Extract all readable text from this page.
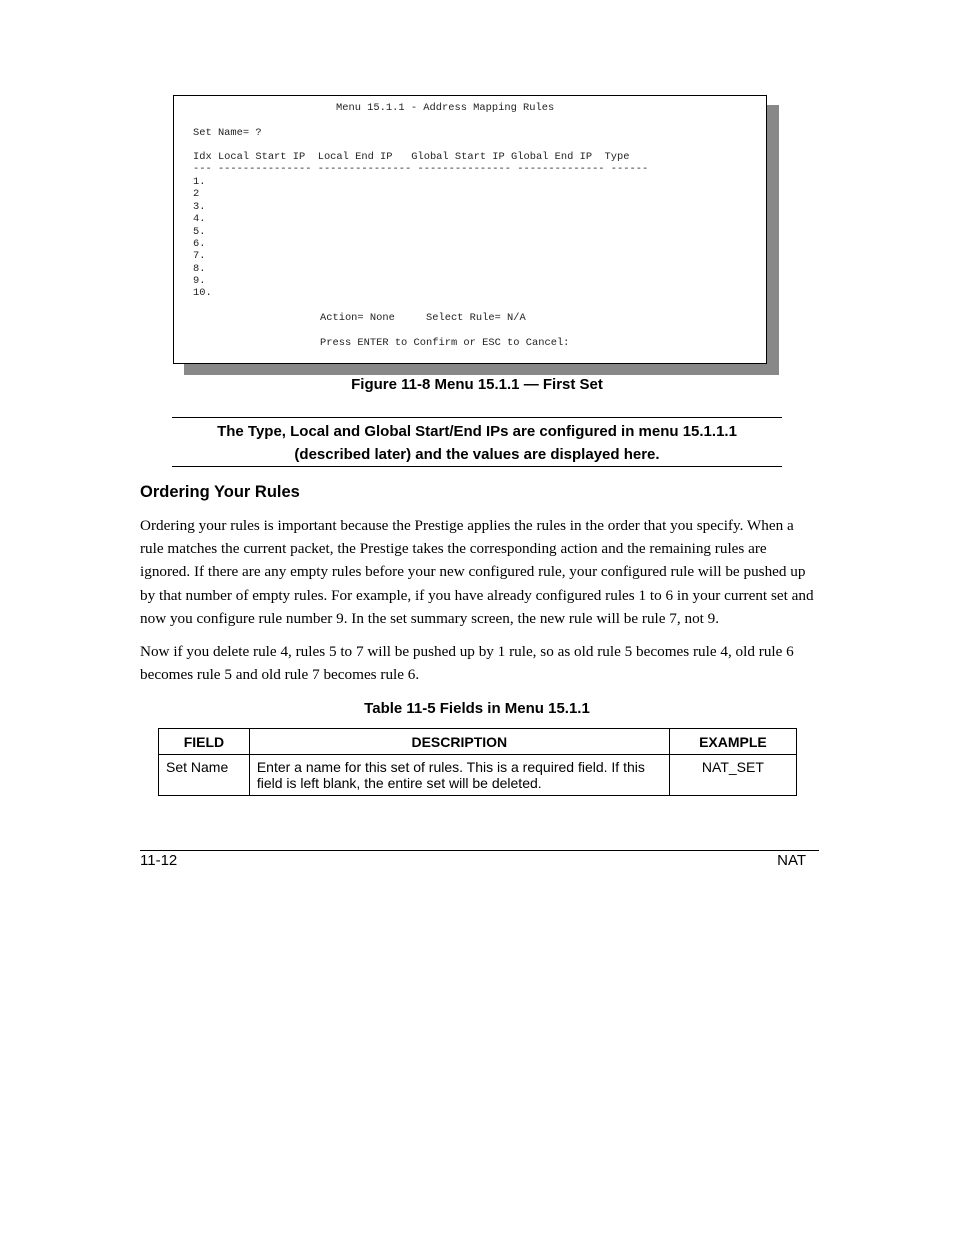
Menu 15.1.1 - Address Mapping Rules

Set Name= ?

Idx Local Start IP  Local End IP   Global Start IP Global End IP  Type

--- --------------- --------------- --------------- -------------- ------

1.

2

3.

4.

5.

6.

7.

8.

9.

10.

Action= None     Select Rule= N/A

Press ENTER to Confirm or ESC to Cancel:

Figure 11-8 Menu 15.1.1 — First Set
The Type, Local and Global Start/End IPs are configured in menu 15.1.1.1
(described later) and the values are displayed here.
Ordering Your Rules
Ordering your rules is important because the Prestige applies the rules in the order that you specify. When a rule matches the current packet, the Prestige takes the corresponding action and the remaining rules are ignored. If there are any empty rules before your new configured rule, your configured rule will be pushed up by that number of empty rules. For example, if you have already configured rules 1 to 6 in your current set and now you configure rule number 9. In the set summary screen, the new rule will be rule 7, not 9.
Now if you delete rule 4, rules 5 to 7 will be pushed up by 1 rule, so as old rule 5 becomes rule 4, old rule 6 becomes rule 5 and old rule 7 becomes rule 6.
Table 11-5 Fields in Menu 15.1.1
FIELD	DESCRIPTION	EXAMPLE
Set Name	Enter a name for this set of rules. This is a required field. If this field is left blank, the entire set will be deleted.	NAT_SET
11-12	NAT
